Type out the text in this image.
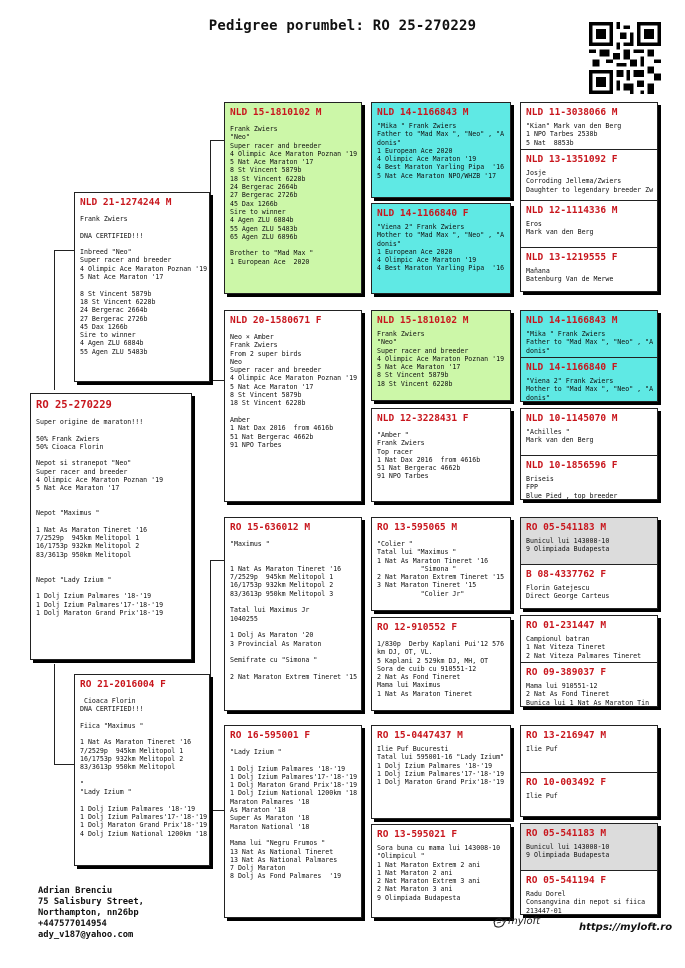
Pedigree porumbel: RO 25-270229
RO 25-270229
Super origine de maraton!!!

50% Frank Zwiers
50% Cioaca Florin

Nepot si stranepot "Neo"
Super racer and breeder
4 Olimpic Ace Maraton Poznan '19
5 Nat Ace Maraton '17

Nepot "Maximus "

1 Nat As Maraton Tineret '16
7/2529p  945km Melitopol 1
16/1753p 932km Melitopol 2
83/3613p 950km Melitopol

Nepot "Lady Izium "

1 Dolj Izium Palmares '18-'19
1 Dolj Izium Palmares'17-'18-'19
1 Dolj Maraton Grand Prix'18-'19
NLD 21-1274244 M
Frank Zwiers

DNA CERTIFIED!!!

Inbreed "Neo"
Super racer and breeder
4 Olimpic Ace Maraton Poznan '19
5 Nat Ace Maraton '17

8 St Vincent 5879b
18 St Vincent 6228b
24 Bergerac 2664b
27 Bergerac 2726b
45 Dax 1266b
Sire to winner
4 Agen ZLU 6884b
55 Agen ZLU 5483b
RO 21-2016004 F
Cioaca Florin
DNA CERTIFIED!!!

Fiica "Maximus "

1 Nat As Maraton Tineret '16
7/2529p  945km Melitopol 1
16/1753p 932km Melitopol 2
83/3613p 950km Melitopol

"
"Lady Izium "

1 Dolj Izium Palmares '18-'19
1 Dolj Izium Palmares'17-'18-'19
1 Dolj Maraton Grand Prix'18-'19
4 Dolj Izium National 1200km '18
NLD 15-1810102 M
Frank Zwiers
"Neo"
Super racer and breeder
4 Olimpic Ace Maraton Poznan '19
5 Nat Ace Maraton '17
8 St Vincent 5879b
18 St Vincent 6228b
24 Bergerac 2664b
27 Bergerac 2726b
45 Dax 1266b
Sire to winner
4 Agen ZLU 6884b
55 Agen ZLU 5483b
65 Agen ZLU 6896b

Brother to "Mad Max "
1 European Ace  2020
NLD 20-1580671 F
Neo × Amber
Frank Zwiers
From 2 super birds
Neo
Super racer and breeder
4 Olimpic Ace Maraton Poznan '19
5 Nat Ace Maraton '17
8 St Vincent 5879b
18 St Vincent 6228b

Amber
1 Nat Dax 2016  from 4616b
51 Nat Bergerac 4662b
91 NPO Tarbes
RO 15-636012 M
"Maximus "

1 Nat As Maraton Tineret '16
7/2529p  945km Melitopol 1
16/1753p 932km Melitopol 2
83/3613p 950km Melitopol 3

Tatal lui Maximus Jr
1040255

1 Dolj As Maraton '20
3 Provincial As Maraton

Semifrate cu "Simona "

2 Nat Maraton Extrem Tineret '15
RO 16-595001 F
"Lady Izium "

1 Dolj Izium Palmares '18-'19
1 Dolj Izium Palmares'17-'18-'19
1 Dolj Maraton Grand Prix'18-'19
1 Dolj Izium National 1200km '18
Maraton Palmares '18
As Maraton '18
Super As Maraton '18
Maraton National '18

Mama lui "Negru Frumos "
13 Nat As National Tineret
13 Nat As National Palmares
7 Dolj Maraton
8 Dolj As Fond Palmares  '19
NLD 14-1166843 M
"Mika " Frank Zwiers
Father to "Mad Max ", "Neo" , "A
donis"
1 European Ace 2020
4 Olimpic Ace Maraton '19
4 Best Maraton Yarling Pipa  '16
5 Nat Ace Maraton NPO/WHZB '17
NLD 14-1166840 F
"Viena 2" Frank Zwiers
Mother to "Mad Max ", "Neo" , "A
donis"
1 European Ace 2020
4 Olimpic Ace Maraton '19
4 Best Maraton Yarling Pipa  '16
NLD 15-1810102 M
Frank Zwiers
"Neo"
Super racer and breeder
4 Olimpic Ace Maraton Poznan '19
5 Nat Ace Maraton '17
8 St Vincent 5879b
18 St Vincent 6228b
NLD 12-3228431 F
"Amber "
Frank Zwiers
Top racer
1 Nat Dax 2016  from 4616b
51 Nat Bergerac 4662b
91 NPO Tarbes
RO 13-595065 M
"Colier "
Tatal lui "Maximus "
1 Nat As Maraton Tineret '16
"Simona "
2 Nat Maraton Extrem Tineret '15
3 Nat Maraton Tineret '15
"Colier Jr"
RO 12-910552 F
1/830p  Derby Kaplani Pui'12 576
km DJ, OT, VL.
5 Kaplani 2 529km DJ, MH, OT
Sora de cuib cu 910551-12
2 Nat As Fond Tineret
Mama lui Maximus
1 Nat As Maraton Tineret
RO 15-0447437 M
Ilie Puf Bucuresti
Tatal lui 595001-16 "Lady Izium"
1 Dolj Izium Palmares '18-'19
1 Dolj Izium Palmares'17-'18-'19
1 Dolj Maraton Grand Prix'18-'19
RO 13-595021 F
Sora buna cu mama lui 143008-10
"Olimpicul "
1 Nat Maraton Extrem 2 ani
1 Nat Maraton 2 ani
2 Nat Maraton Extrem 3 ani
2 Nat Maraton 3 ani
9 Olimpiada Budapesta
NLD 11-3038066 M
"Kian" Mark van den Berg
1 NPO Tarbes 2538b
5 Nat  8853b
NLD 13-1351092 F
Josje
Corroding Jellema/Zwiers
Daughter to legendary breeder Zw
NLD 12-1114336 M
Eros
Mark van den Berg
NLD 13-1219555 F
Mañana
Batenburg Van de Merwe
NLD 14-1166843 M
"Mika " Frank Zwiers
Father to "Mad Max ", "Neo" , "A
donis"
NLD 14-1166840 F
"Viena 2" Frank Zwiers
Mother to "Mad Max ", "Neo" , "A
donis"
NLD 10-1145070 M
"Achilles "
Mark van den Berg
NLD 10-1856596 F
Briseis
FPP
Blue Pied , top breeder
RO 05-541183 M
Bunicul lui 143008-10
9 Olimpiada Budapesta
B 08-4337762 F
Florin Gatejescu
Direct George Carteus
RO 01-231447 M
Campionul batran
1 Nat Viteza Tineret
2 Nat Viteza Palmares Tineret
RO 09-389037 F
Mama lui 910551-12
2 Nat As Fond Tineret
Bunica lui 1 Nat As Maraton Tin
RO 13-216947 M
Ilie Puf
RO 10-003492 F
Ilie Puf
RO 05-541183 M
Bunicul lui 143008-10
9 Olimpiada Budapesta
RO 05-541194 F
Radu Dorel
Consangvina din nepot si fiica
213447-01
Adrian Brenciu
75 Salisbury Street,
Northampton, nn26bp
+447577014954
ady_v187@yahoo.com
myloft
https://myloft.ro
